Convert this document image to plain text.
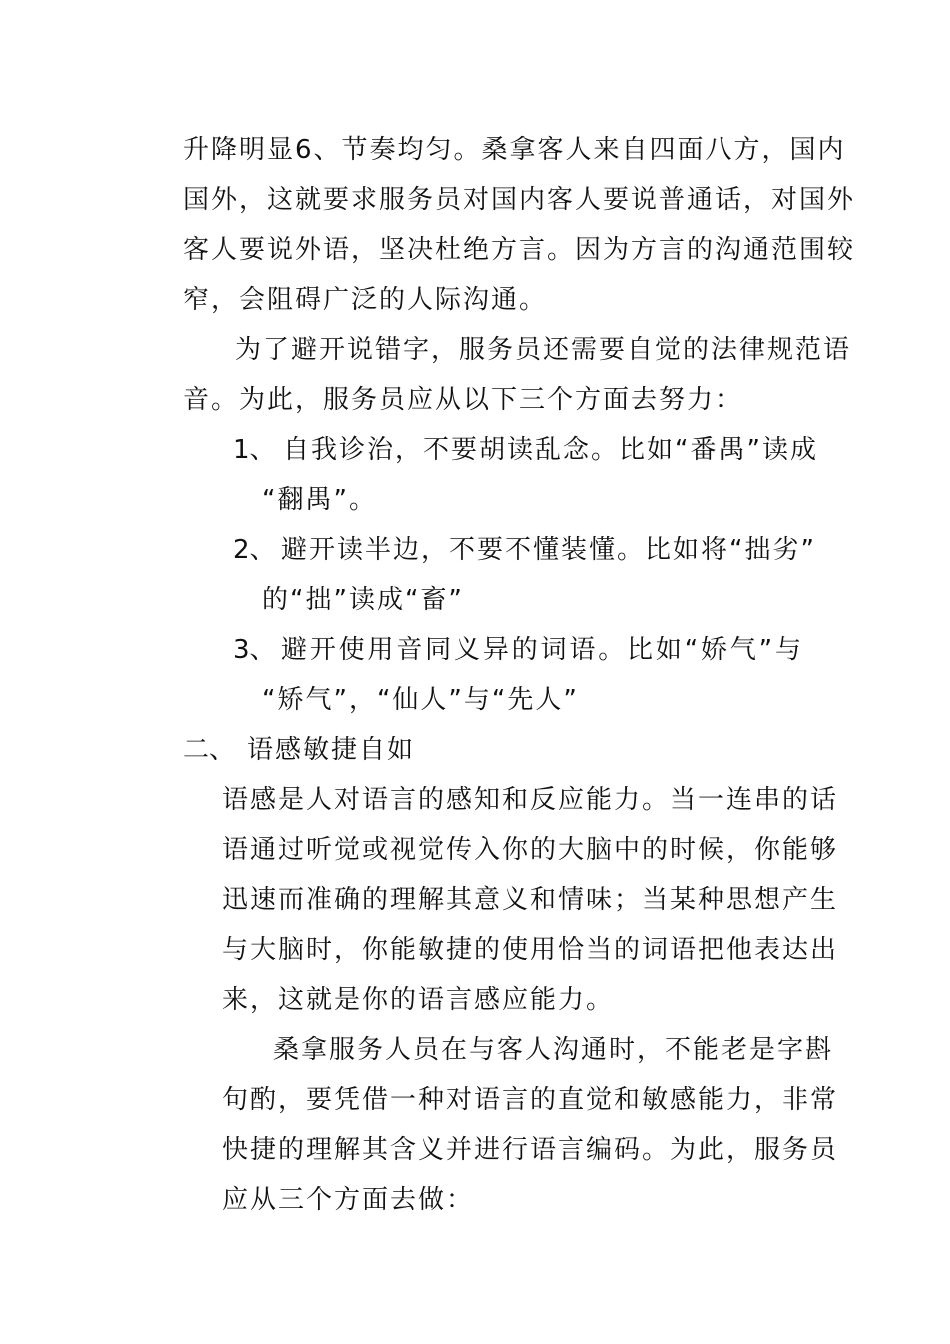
升降明显6、节奏均匀。桑拿客人来自四面八方，国内
国外，这就要求服务员对国内客人要说普通话，对国外
客人要说外语，坚决杜绝方言。因为方言的沟通范围较
窄，会阻碍广泛的人际沟通。
为了避开说错字，服务员还需要自觉的法律规范语
音。为此，服务员应从以下三个方面去努力：
1、 自我诊治，不要胡读乱念。比如“番禺”读成
“翻禺”。
2、 避开读半边，不要不懂装懂。比如将“拙劣”
的“拙”读成“畜”
3、 避开使用音同义异的词语。比如“娇气”与
“矫气”，“仙人”与“先人”
二、 语感敏捷自如
语感是人对语言的感知和反应能力。当一连串的话
语通过听觉或视觉传入你的大脑中的时候，你能够
迅速而准确的理解其意义和情味；当某种思想产生
与大脑时，你能敏捷的使用恰当的词语把他表达出
来，这就是你的语言感应能力。
桑拿服务人员在与客人沟通时，不能老是字斟
句酌，要凭借一种对语言的直觉和敏感能力，非常
快捷的理解其含义并进行语言编码。为此，服务员
应从三个方面去做：
